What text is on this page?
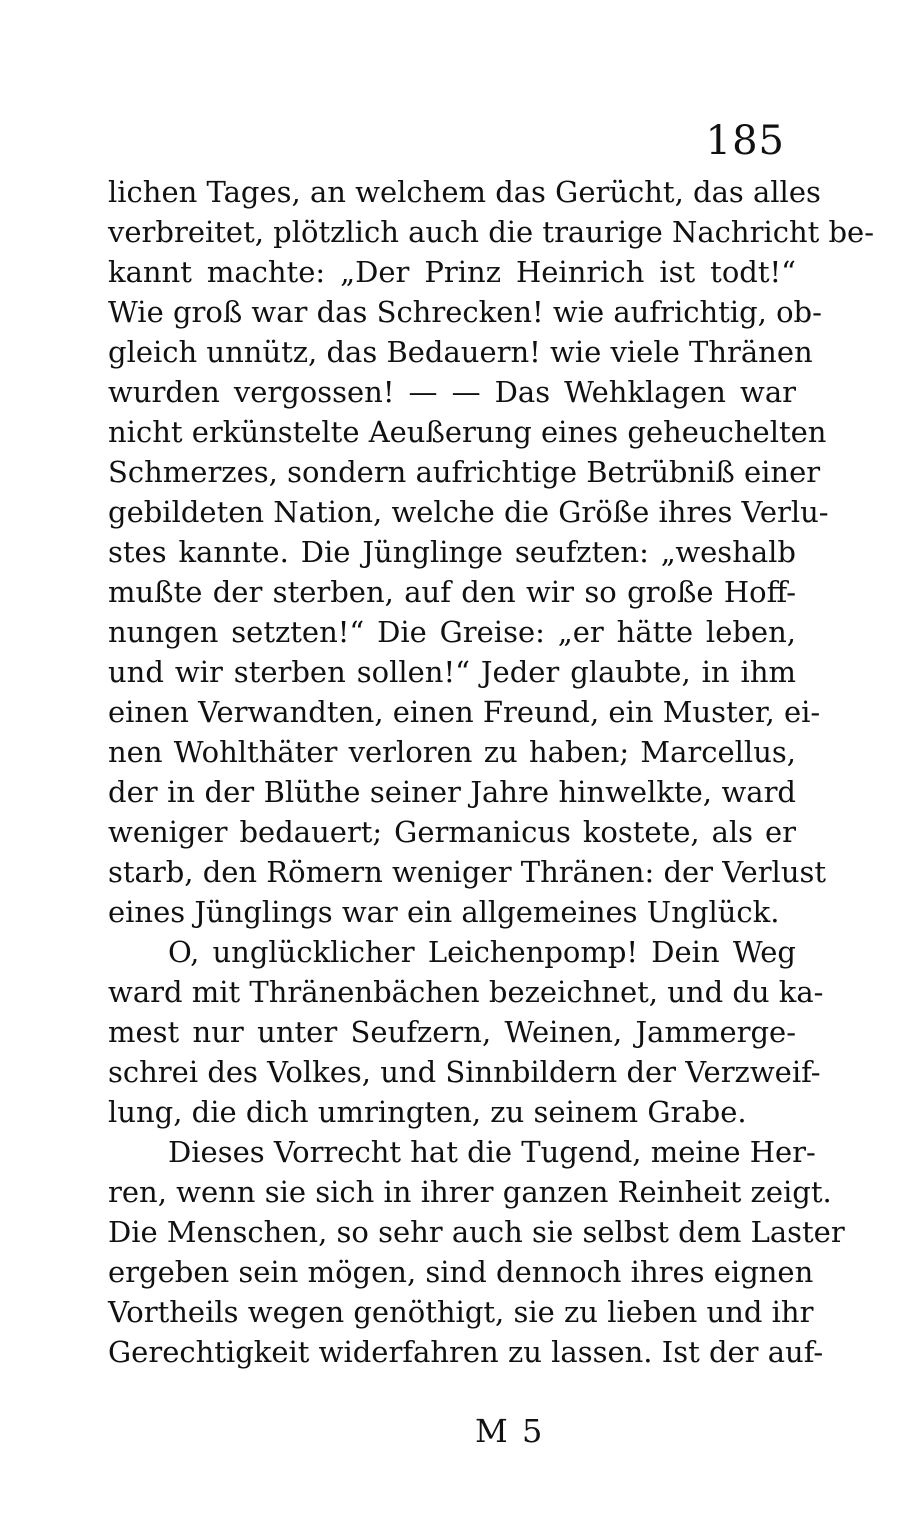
185
lichen Tages, an welchem das Gerücht, das alles
verbreitet, plötzlich auch die traurige Nachricht be-
kannt machte: „Der Prinz Heinrich ist todt!“
Wie groß war das Schrecken! wie aufrichtig, ob-
gleich unnütz, das Bedauern! wie viele Thränen
wurden vergossen! — — Das Wehklagen war
nicht erkünstelte Aeußerung eines geheuchelten
Schmerzes, sondern aufrichtige Betrübniß einer
gebildeten Nation, welche die Größe ihres Verlu-
stes kannte. Die Jünglinge seufzten: „weshalb
mußte der sterben, auf den wir so große Hoff-
nungen setzten!“ Die Greise: „er hätte leben,
und wir sterben sollen!“ Jeder glaubte, in ihm
einen Verwandten, einen Freund, ein Muster, ei-
nen Wohlthäter verloren zu haben; Marcellus,
der in der Blüthe seiner Jahre hinwelkte, ward
weniger bedauert; Germanicus kostete, als er
starb, den Römern weniger Thränen: der Verlust
eines Jünglings war ein allgemeines Unglück.
O, unglücklicher Leichenpomp! Dein Weg
ward mit Thränenbächen bezeichnet, und du ka-
mest nur unter Seufzern, Weinen, Jammerge-
schrei des Volkes, und Sinnbildern der Verzweif-
lung, die dich umringten, zu seinem Grabe.
Dieses Vorrecht hat die Tugend, meine Her-
ren, wenn sie sich in ihrer ganzen Reinheit zeigt.
Die Menschen, so sehr auch sie selbst dem Laster
ergeben sein mögen, sind dennoch ihres eignen
Vortheils wegen genöthigt, sie zu lieben und ihr
Gerechtigkeit widerfahren zu lassen. Ist der auf-
M 5
